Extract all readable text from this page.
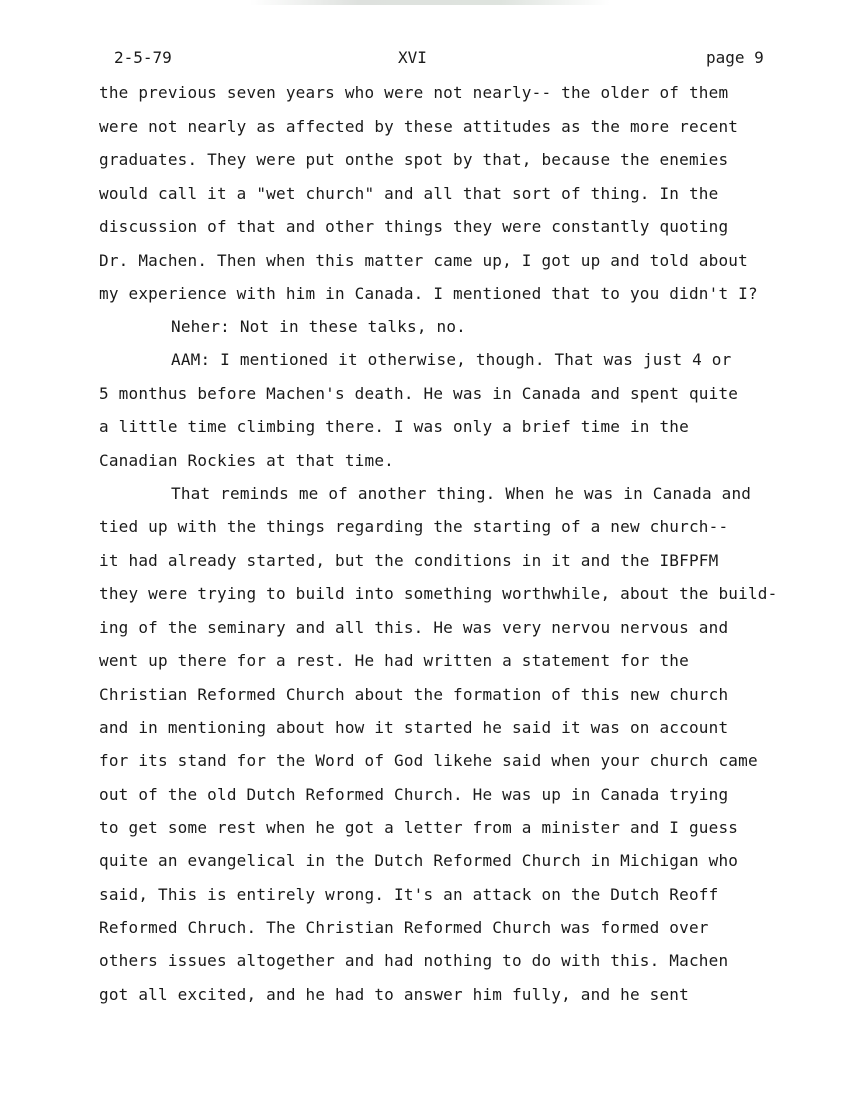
2-5-79	XVI	page 9
the previous seven years who were not nearly-- the older of them
were not nearly as affected by these attitudes as the more recent
graduates. They were put onthe spot by that, because the enemies
would call it a "wet church" and all that sort of thing. In the
discussion of that and other things they were constantly quoting
Dr. Machen. Then when this matter came up, I got up and told about
my experience with him in Canada. I mentioned that to you didn't I?
Neher: Not in these talks, no.
AAM: I mentioned it otherwise, though. That was just 4 or
5 monthus before Machen's death. He was in Canada and spent quite
a little time climbing there. I was only a brief time in the
Canadian Rockies at that time.
That reminds me of another thing. When he was in Canada and
tied up with the things regarding the starting of a new church--
it had already started, but the conditions in it and the IBFPFM
they were trying to build into something worthwhile, about the build-
ing of the seminary and all this. He was very nervou nervous and
went up there for a rest. He had written a statement for the
Christian Reformed Church about the formation of this new church
and in mentioning about how it started he said it was on account
for its stand for the Word of God likehe said when your church came
out of the old Dutch Reformed Church. He was up in Canada trying
to get some rest when he got a letter from a minister and I guess
quite an evangelical in the Dutch Reformed Church in Michigan who
said, This is entirely wrong. It's an attack on the Dutch Reoff
Reformed Chruch. The Christian Reformed Church was formed over
others issues altogether and had nothing to do with this. Machen
got all excited, and he had to answer him fully, and he sent
